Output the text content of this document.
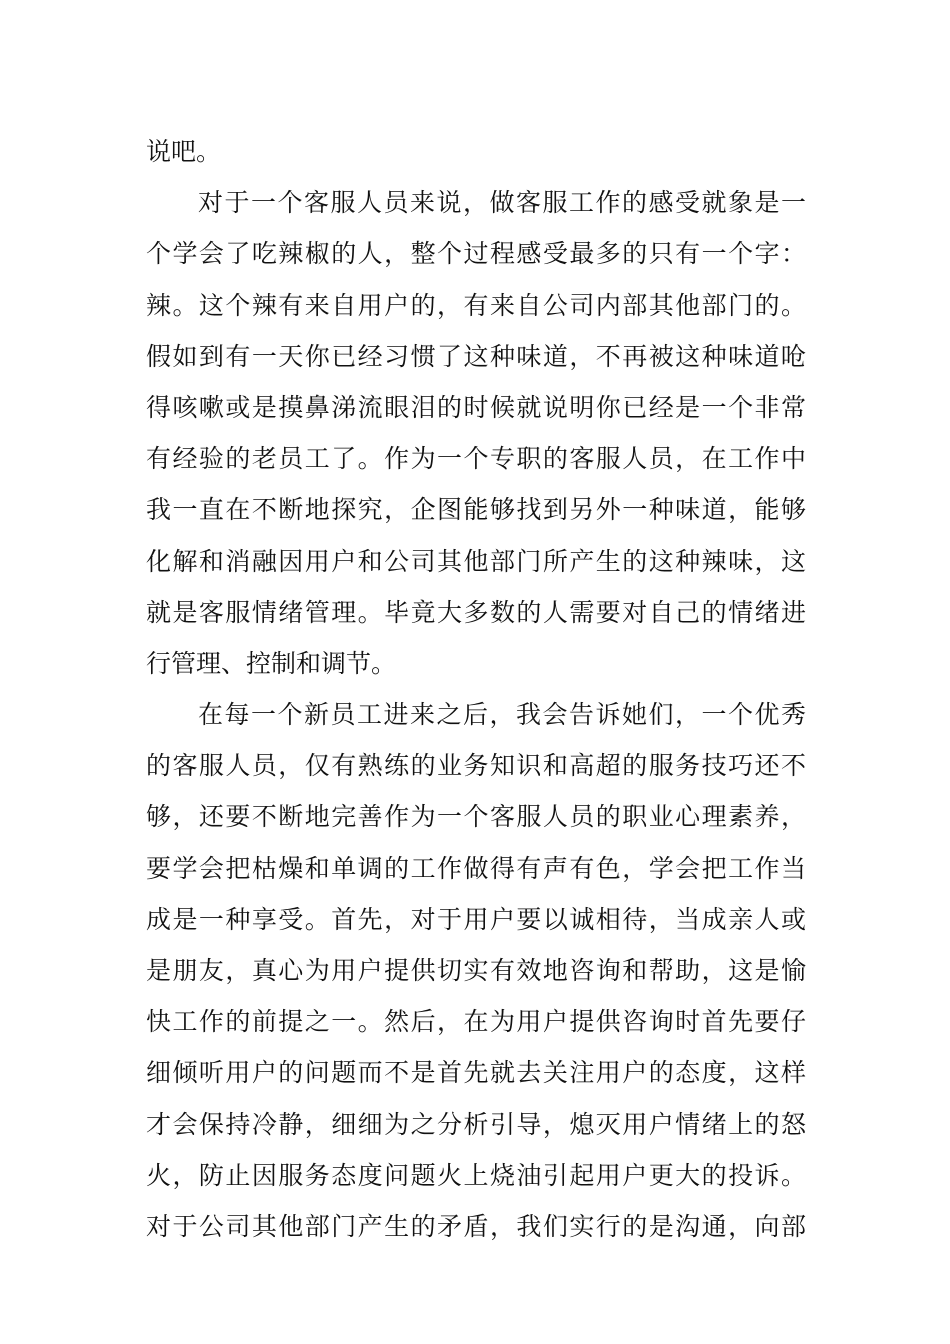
说吧。
对于一个客服人员来说，做客服工作的感受就象是一
个学会了吃辣椒的人，整个过程感受最多的只有一个字：
辣。这个辣有来自用户的，有来自公司内部其他部门的。
假如到有一天你已经习惯了这种味道，不再被这种味道呛
得咳嗽或是摸鼻涕流眼泪的时候就说明你已经是一个非常
有经验的老员工了。作为一个专职的客服人员，在工作中
我一直在不断地探究，企图能够找到另外一种味道，能够
化解和消融因用户和公司其他部门所产生的这种辣味，这
就是客服情绪管理。毕竟大多数的人需要对自己的情绪进
行管理、控制和调节。
在每一个新员工进来之后，我会告诉她们，一个优秀
的客服人员，仅有熟练的业务知识和高超的服务技巧还不
够，还要不断地完善作为一个客服人员的职业心理素养，
要学会把枯燥和单调的工作做得有声有色，学会把工作当
成是一种享受。首先，对于用户要以诚相待，当成亲人或
是朋友，真心为用户提供切实有效地咨询和帮助，这是愉
快工作的前提之一。然后，在为用户提供咨询时首先要仔
细倾听用户的问题而不是首先就去关注用户的态度，这样
才会保持冷静，细细为之分析引导，熄灭用户情绪上的怒
火，防止因服务态度问题火上烧油引起用户更大的投诉。
对于公司其他部门产生的矛盾，我们实行的是沟通，向部
